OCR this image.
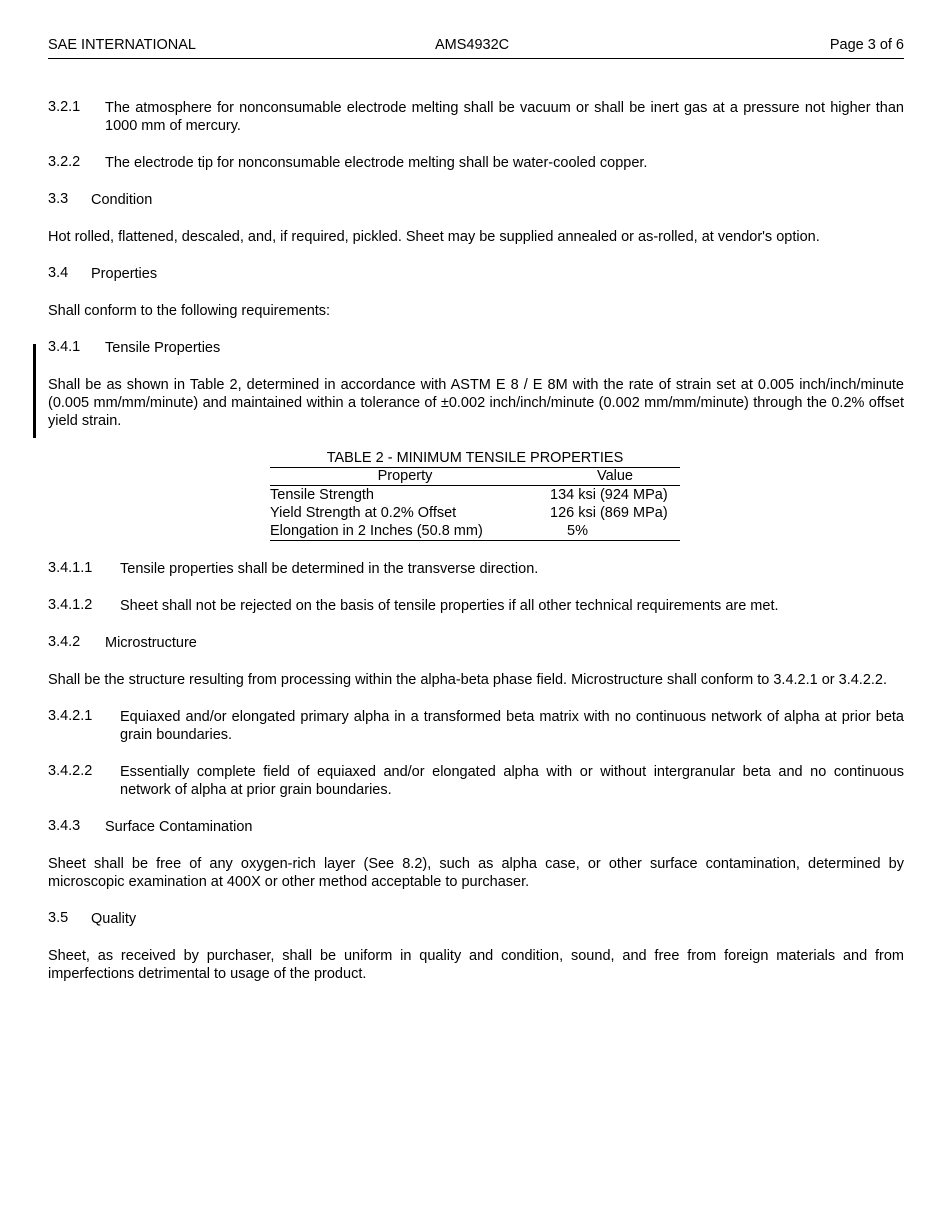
SAE INTERNATIONAL	AMS4932C	Page 3 of 6
3.2.1	The atmosphere for nonconsumable electrode melting shall be vacuum or shall be inert gas at a pressure not higher than 1000 mm of mercury.

3.2.2	The electrode tip for nonconsumable electrode melting shall be water-cooled copper.

3.3	Condition

Hot rolled, flattened, descaled, and, if required, pickled. Sheet may be supplied annealed or as-rolled, at vendor's option.

3.4	Properties

Shall conform to the following requirements:

3.4.1	Tensile Properties

Shall be as shown in Table 2, determined in accordance with ASTM E 8 / E 8M with the rate of strain set at 0.005 inch/inch/minute (0.005 mm/mm/minute) and maintained within a tolerance of ±0.002 inch/inch/minute (0.002 mm/mm/minute) through the 0.2% offset yield strain.

TABLE 2 - MINIMUM TENSILE PROPERTIES
Property	Value
Tensile Strength	134 ksi (924 MPa)
Yield Strength at 0.2% Offset	126 ksi (869 MPa)
Elongation in 2 Inches (50.8 mm)	5%
3.4.1.1	Tensile properties shall be determined in the transverse direction.

3.4.1.2	Sheet shall not be rejected on the basis of tensile properties if all other technical requirements are met.

3.4.2	Microstructure

Shall be the structure resulting from processing within the alpha-beta phase field. Microstructure shall conform to 3.4.2.1 or 3.4.2.2.

3.4.2.1	Equiaxed and/or elongated primary alpha in a transformed beta matrix with no continuous network of alpha at prior beta grain boundaries.

3.4.2.2	Essentially complete field of equiaxed and/or elongated alpha with or without intergranular beta and no continuous network of alpha at prior grain boundaries.

3.4.3	Surface Contamination

Sheet shall be free of any oxygen-rich layer (See 8.2), such as alpha case, or other surface contamination, determined by microscopic examination at 400X or other method acceptable to purchaser.

3.5	Quality

Sheet, as received by purchaser, shall be uniform in quality and condition, sound, and free from foreign materials and from imperfections detrimental to usage of the product.
